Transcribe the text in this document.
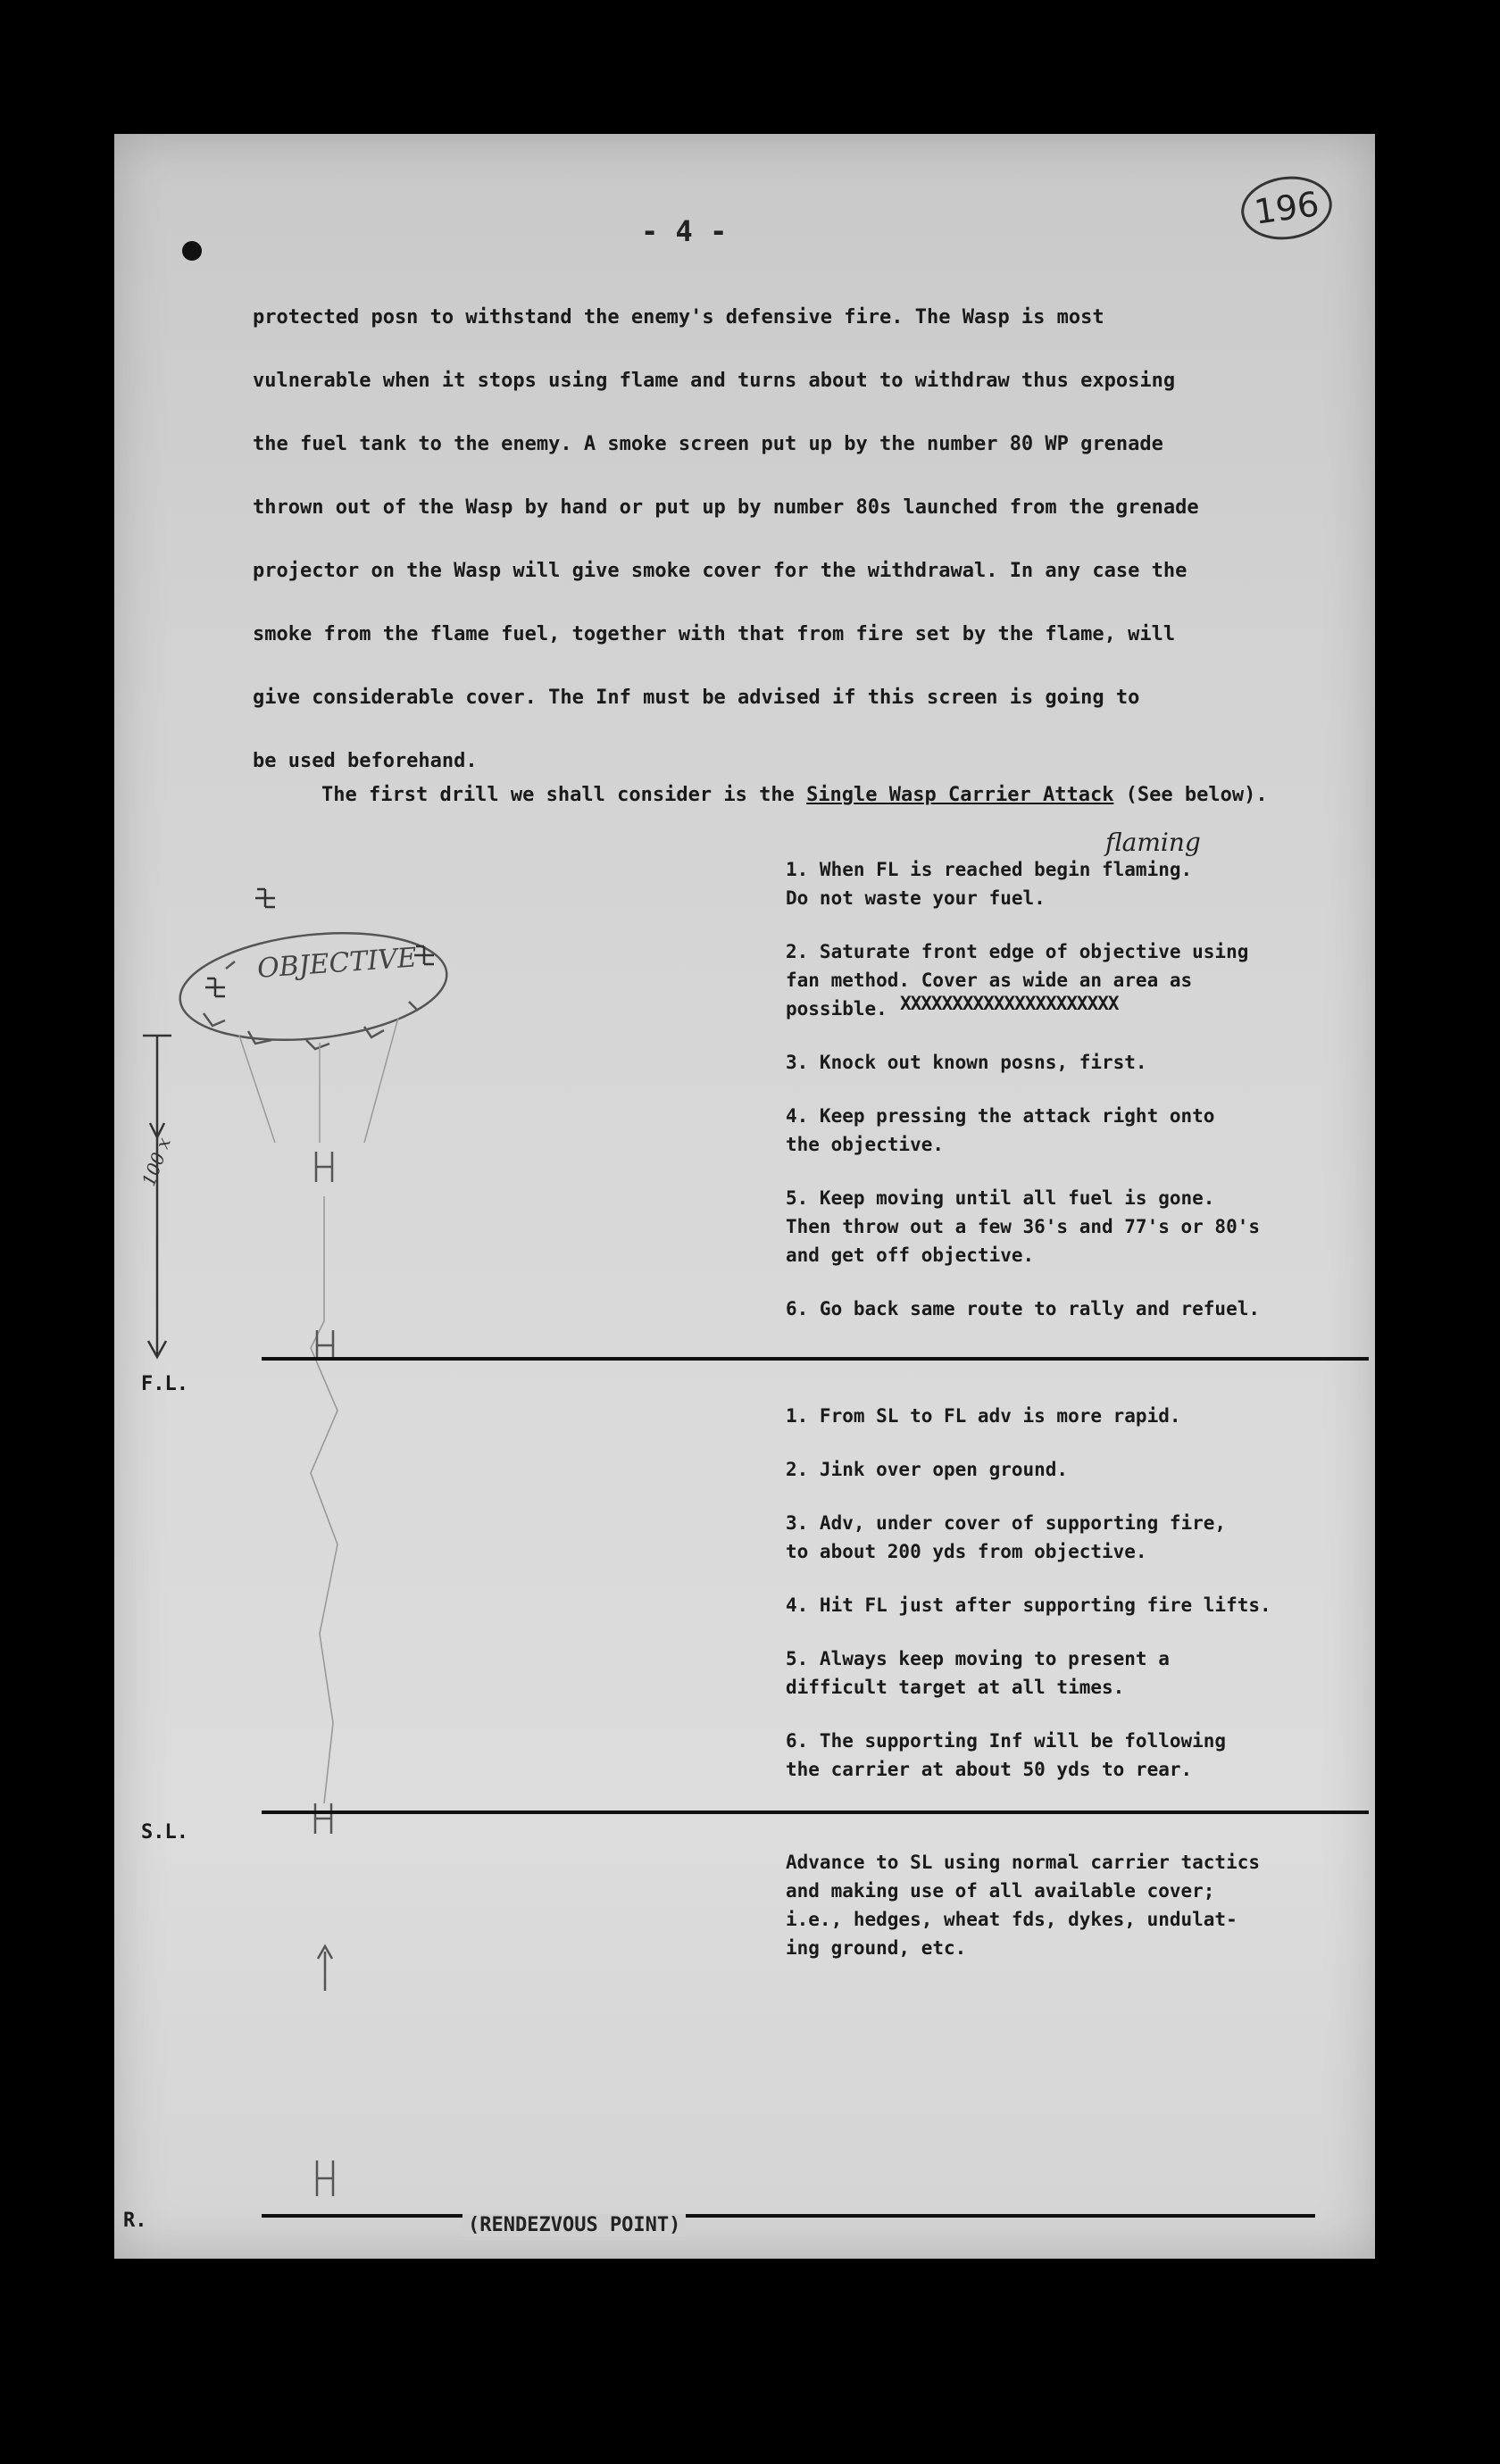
- 4 -	196
protected posn to withstand the enemy's defensive fire. The Wasp is most
vulnerable when it stops using flame and turns about to withdraw thus exposing
the fuel tank to the enemy. A smoke screen put up by the number 80 WP grenade
thrown out of the Wasp by hand or put up by number 80s launched from the grenade
projector on the Wasp will give smoke cover for the withdrawal. In any case the
smoke from the flame fuel, together with that from fire set by the flame, will
give considerable cover. The Inf must be advised if this screen is going to
be used beforehand.
The first drill we shall consider is the Single Wasp Carrier Attack (See below).
flaming
OBJECTIVE
100 x
1. When FL is reached begin flaming.
Do not waste your fuel.
2. Saturate front edge of objective using
fan method. Cover as wide an area as
possible.
3. Knock out known posns, first.
4. Keep pressing the attack right onto
the objective.
5. Keep moving until all fuel is gone.
Then throw out a few 36's and 77's or 80's
and get off objective.
6. Go back same route to rally and refuel.
XXXXXXXXXXXXXXXXXXXXX
F.L.
1. From SL to FL adv is more rapid.
2. Jink over open ground.
3. Adv, under cover of supporting fire,
to about 200 yds from objective.
4. Hit FL just after supporting fire lifts.
5. Always keep moving to present a
difficult target at all times.
6. The supporting Inf will be following
the carrier at about 50 yds to rear.
S.L.
Advance to SL using normal carrier tactics
and making use of all available cover;
i.e., hedges, wheat fds, dykes, undulat-
ing ground, etc.
R.	(RENDEZVOUS POINT)
